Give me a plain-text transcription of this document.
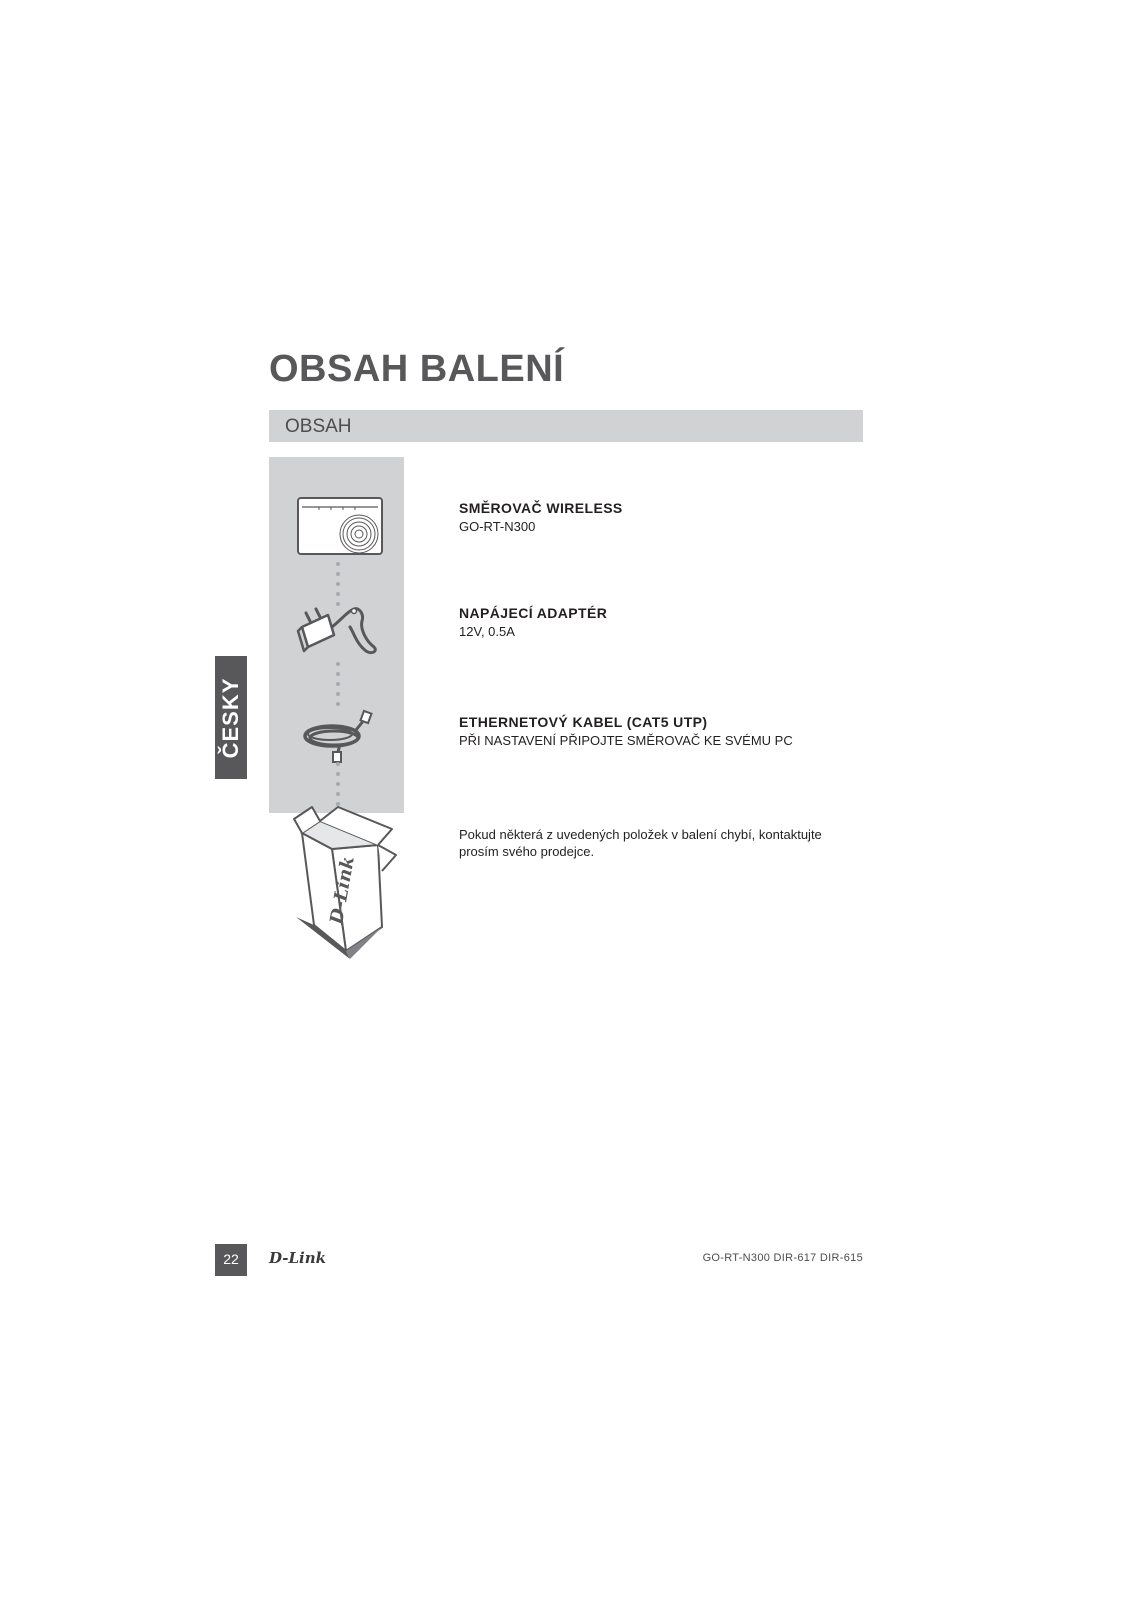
OBSAH BALENÍ
OBSAH
ČESKY
D-Link
SMĚROVAČ WIRELESS
GO-RT-N300
NAPÁJECÍ ADAPTÉR
12V, 0.5A
ETHERNETOVÝ KABEL (CAT5 UTP)
PŘI NASTAVENÍ PŘIPOJTE SMĚROVAČ KE SVÉMU PC
Pokud některá z uvedených položek v balení chybí, kontaktujte prosím svého prodejce.
22	D-Link	GO-RT-N300 DIR-617 DIR-615
